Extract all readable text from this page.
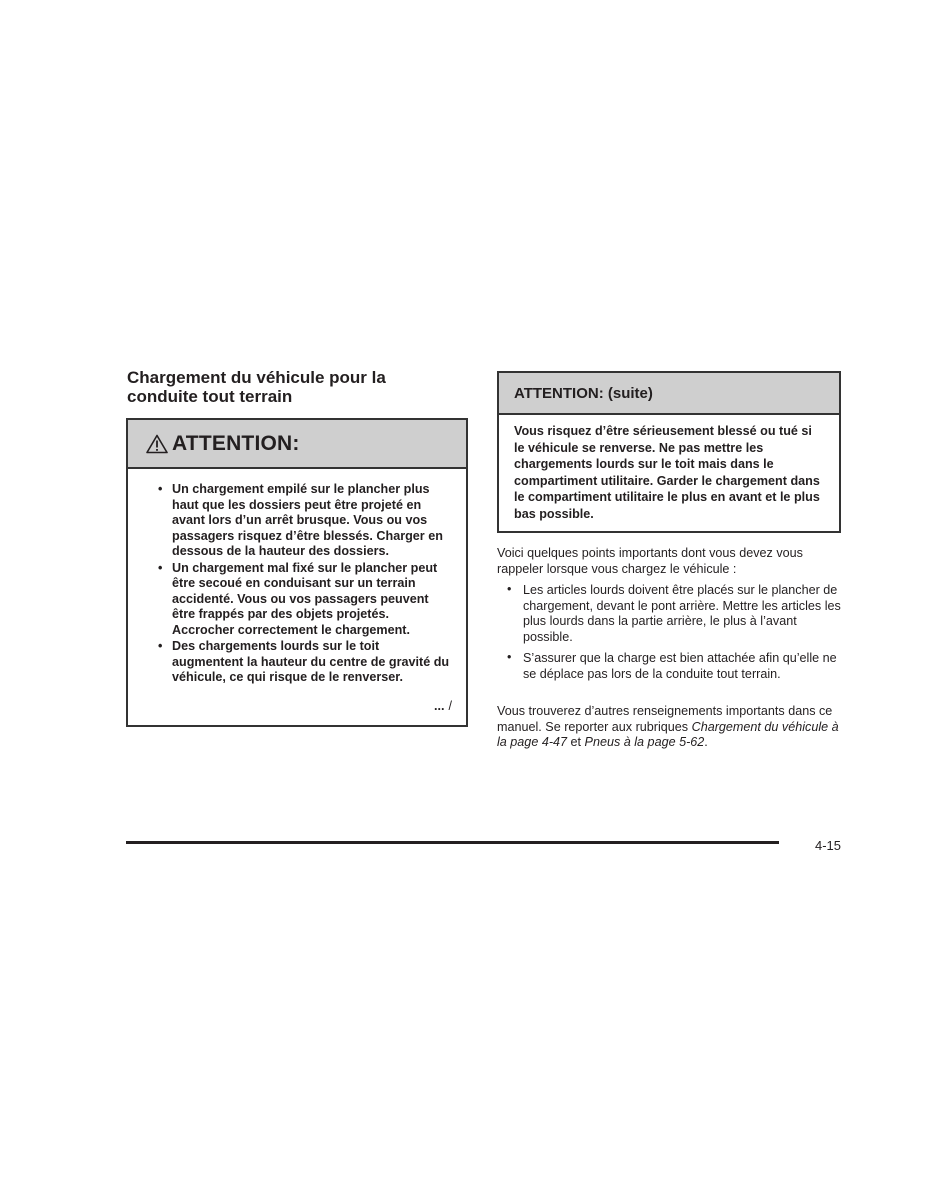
Chargement du véhicule pour la conduite tout terrain
ATTENTION:
• Un chargement empilé sur le plancher plus haut que les dossiers peut être projeté en avant lors d’un arrêt brusque. Vous ou vos passagers risquez d’être blessés. Charger en dessous de la hauteur des dossiers.
• Un chargement mal fixé sur le plancher peut être secoué en conduisant sur un terrain accidenté. Vous ou vos passagers peuvent être frappés par des objets projetés. Accrocher correctement le chargement.
• Des chargements lourds sur le toit augmentent la hauteur du centre de gravité du véhicule, ce qui risque de le renverser.
... /
ATTENTION: (suite)

Vous risquez d’être sérieusement blessé ou tué si le véhicule se renverse. Ne pas mettre les chargements lourds sur le toit mais dans le compartiment utilitaire. Garder le chargement dans le compartiment utilitaire le plus en avant et le plus bas possible.

Voici quelques points importants dont vous devez vous rappeler lorsque vous chargez le véhicule :

• Les articles lourds doivent être placés sur le plancher de chargement, devant le pont arrière. Mettre les articles les plus lourds dans la partie arrière, le plus à l’avant possible.
• S’assurer que la charge est bien attachée afin qu’elle ne se déplace pas lors de la conduite tout terrain.

Vous trouverez d’autres renseignements importants dans ce manuel. Se reporter aux rubriques Chargement du véhicule à la page 4-47 et Pneus à la page 5-62.

4-15
